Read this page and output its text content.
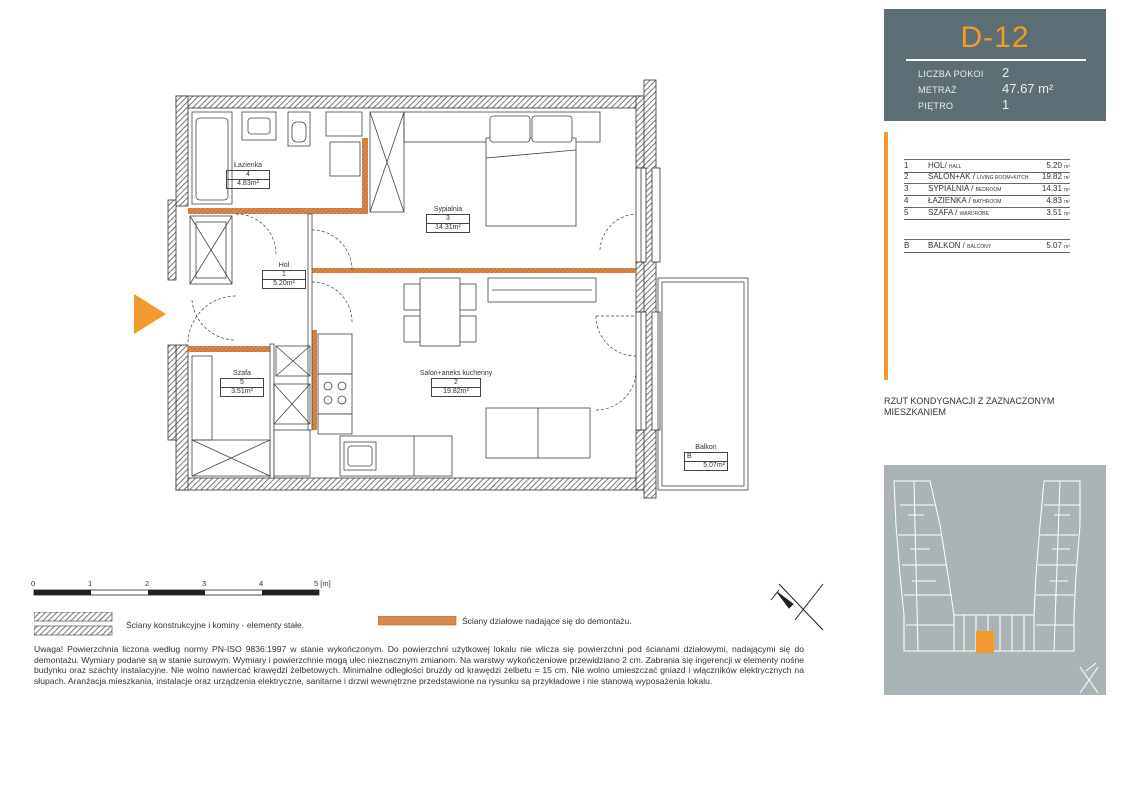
Łazienka
4
4.83m²
Sypialnia
3
14.31m²
Hol
1
5.20m²
Salon+aneks kuchenny
2
19.82m²
Szafa
5
3.51m²
Balkon
B
5.07m²
D-12
LICZBA POKOI 2
METRAŻ	47.67 m²
PIĘTRO	1
1 HOL/ HALL	5.20 m²
2 SALON+AK / LIVING ROOM+KITCH. 19.82 m²
3 SYPIALNIA / BEDROOM	14.31 m²
4 ŁAZIENKA / BATHROOM	4.83 m²
5 SZAFA / WARDROBE	3.51 m²
B BALKON / BALCONY	5.07 m²
RZUT KONDYGNACJI Z ZAZNACZONYM MIESZKANIEM
0	1	2	3	4	5 [m]
Ściany konstrukcyjne i kominy - elementy stałe.	Ściany działowe nadające się do demontażu.
Uwaga! Powierzchnia liczona według normy PN-ISO 9836:1997 w stanie wykończonym. Do powierzchni użytkowej lokalu nie wlicza się powierzchni pod ścianami działowymi, nadającymi się do demontażu. Wymiary podane są w stanie surowym. Wymiary i powierzchnie mogą ulec nieznacznym zmianom. Na warstwy wykończeniowe przewidziano 2 cm. Zabrania się ingerencji w elementy nośne budynku oraz szachty instalacyjne. Nie wolno nawiercać krawędzi żelbetowych. Minimalne odległości bruzdy od krawędzi żelbetu = 15 cm. Nie wolno umieszczać gniazd i włączników elektrycznych na słupach. Aranżacja mieszkania, instalacje oraz urządzenia elektryczne, sanitarne i drzwi wewnętrzne przedstawione na rysunku są przykładowe i nie stanową wyposażenia lokalu.
